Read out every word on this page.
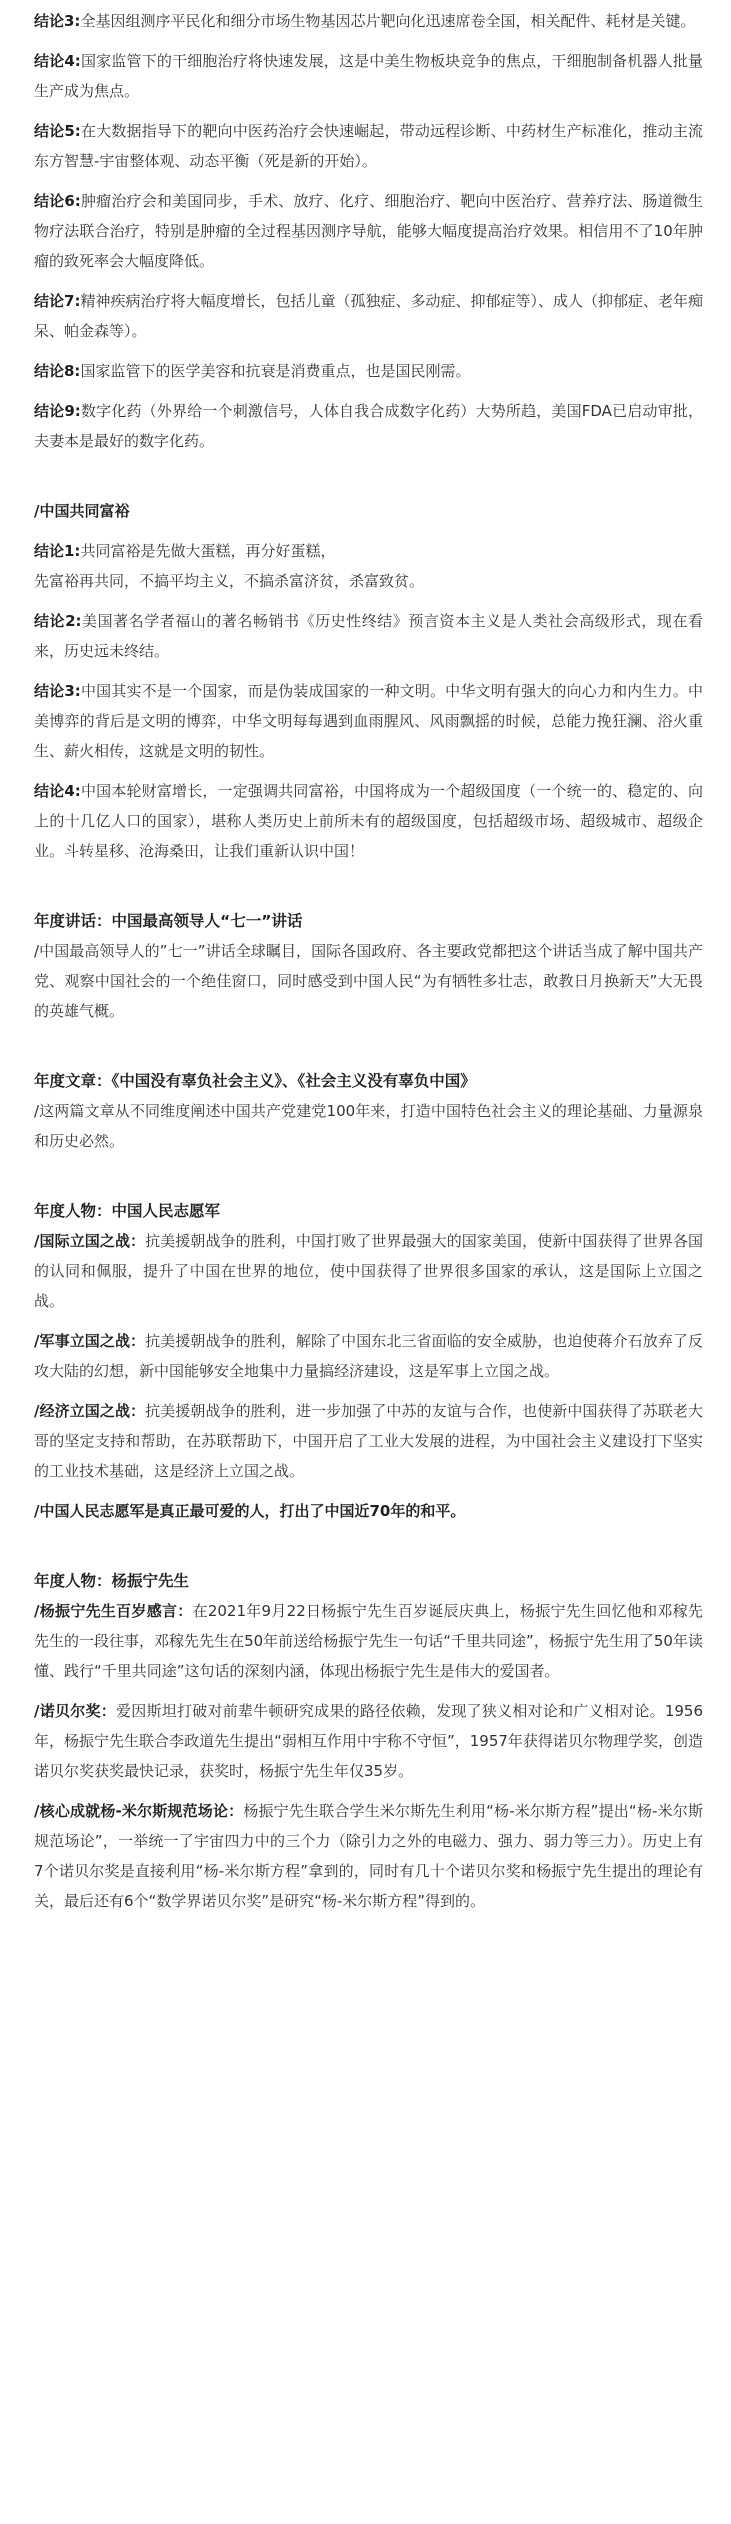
结论3:全基因组测序平民化和细分市场生物基因芯片靶向化迅速席卷全国，相关配件、耗材是关键。

结论4:国家监管下的干细胞治疗将快速发展，这是中美生物板块竞争的焦点，干细胞制备机器人批量生产成为焦点。

结论5:在大数据指导下的靶向中医药治疗会快速崛起，带动远程诊断、中药材生产标准化，推动主流东方智慧-宇宙整体观、动态平衡（死是新的开始）。

结论6:肿瘤治疗会和美国同步，手术、放疗、化疗、细胞治疗、靶向中医治疗、营养疗法、肠道微生物疗法联合治疗，特别是肿瘤的全过程基因测序导航，能够大幅度提高治疗效果。相信用不了10年肿瘤的致死率会大幅度降低。

结论7:精神疾病治疗将大幅度增长，包括儿童（孤独症、多动症、抑郁症等）、成人（抑郁症、老年痴呆、帕金森等）。

结论8:国家监管下的医学美容和抗衰是消费重点，也是国民刚需。

结论9:数字化药（外界给一个刺激信号，人体自我合成数字化药）大势所趋，美国FDA已启动审批，夫妻本是最好的数字化药。

/中国共同富裕

结论1:共同富裕是先做大蛋糕，再分好蛋糕，

先富裕再共同，不搞平均主义，不搞杀富济贫，杀富致贫。

结论2:美国著名学者福山的著名畅销书《历史性终结》预言资本主义是人类社会高级形式，现在看来，历史远未终结。

结论3:中国其实不是一个国家，而是伪装成国家的一种文明。中华文明有强大的向心力和内生力。中美博弈的背后是文明的博弈，中华文明每每遇到血雨腥风、风雨飘摇的时候，总能力挽狂澜、浴火重生、薪火相传，这就是文明的韧性。

结论4:中国本轮财富增长，一定强调共同富裕，中国将成为一个超级国度（一个统一的、稳定的、向上的十几亿人口的国家），堪称人类历史上前所未有的超级国度，包括超级市场、超级城市、超级企业。斗转星移、沧海桑田，让我们重新认识中国！

年度讲话：中国最高领导人“七一”讲话

/中国最高领导人的”七一”讲话全球瞩目，国际各国政府、各主要政党都把这个讲话当成了解中国共产党、观察中国社会的一个绝佳窗口，同时感受到中国人民“为有牺牲多壮志，敢教日月换新天”大无畏的英雄气概。

年度文章：《中国没有辜负社会主义》、《社会主义没有辜负中国》

/这两篇文章从不同维度阐述中国共产党建党100年来，打造中国特色社会主义的理论基础、力量源泉和历史必然。

年度人物：中国人民志愿军

/国际立国之战：抗美援朝战争的胜利，中国打败了世界最强大的国家美国，使新中国获得了世界各国的认同和佩服，提升了中国在世界的地位，使中国获得了世界很多国家的承认，这是国际上立国之战。

/军事立国之战：抗美援朝战争的胜利，解除了中国东北三省面临的安全威胁，也迫使蒋介石放弃了反攻大陆的幻想，新中国能够安全地集中力量搞经济建设，这是军事上立国之战。

/经济立国之战：抗美援朝战争的胜利，进一步加强了中苏的友谊与合作，也使新中国获得了苏联老大哥的坚定支持和帮助，在苏联帮助下，中国开启了工业大发展的进程，为中国社会主义建设打下坚实的工业技术基础，这是经济上立国之战。

/中国人民志愿军是真正最可爱的人，打出了中国近70年的和平。

年度人物：杨振宁先生

/杨振宁先生百岁感言：在2021年9月22日杨振宁先生百岁诞辰庆典上，杨振宁先生回忆他和邓稼先先生的一段往事，邓稼先先生在50年前送给杨振宁先生一句话“千里共同途”，杨振宁先生用了50年读懂、践行“千里共同途”这句话的深刻内涵，体现出杨振宁先生是伟大的爱国者。

/诺贝尔奖：爱因斯坦打破对前辈牛顿研究成果的路径依赖，发现了狭义相对论和广义相对论。1956年，杨振宁先生联合李政道先生提出“弱相互作用中宇称不守恒”，1957年获得诺贝尔物理学奖，创造诺贝尔奖获奖最快记录，获奖时，杨振宁先生年仅35岁。

/核心成就杨-米尔斯规范场论：杨振宁先生联合学生米尔斯先生利用“杨-米尔斯方程”提出“杨-米尔斯规范场论”，一举统一了宇宙四力中的三个力（除引力之外的电磁力、强力、弱力等三力）。历史上有7个诺贝尔奖是直接利用“杨-米尔斯方程”拿到的，同时有几十个诺贝尔奖和杨振宁先生提出的理论有关，最后还有6个“数学界诺贝尔奖”是研究“杨-米尔斯方程”得到的。
